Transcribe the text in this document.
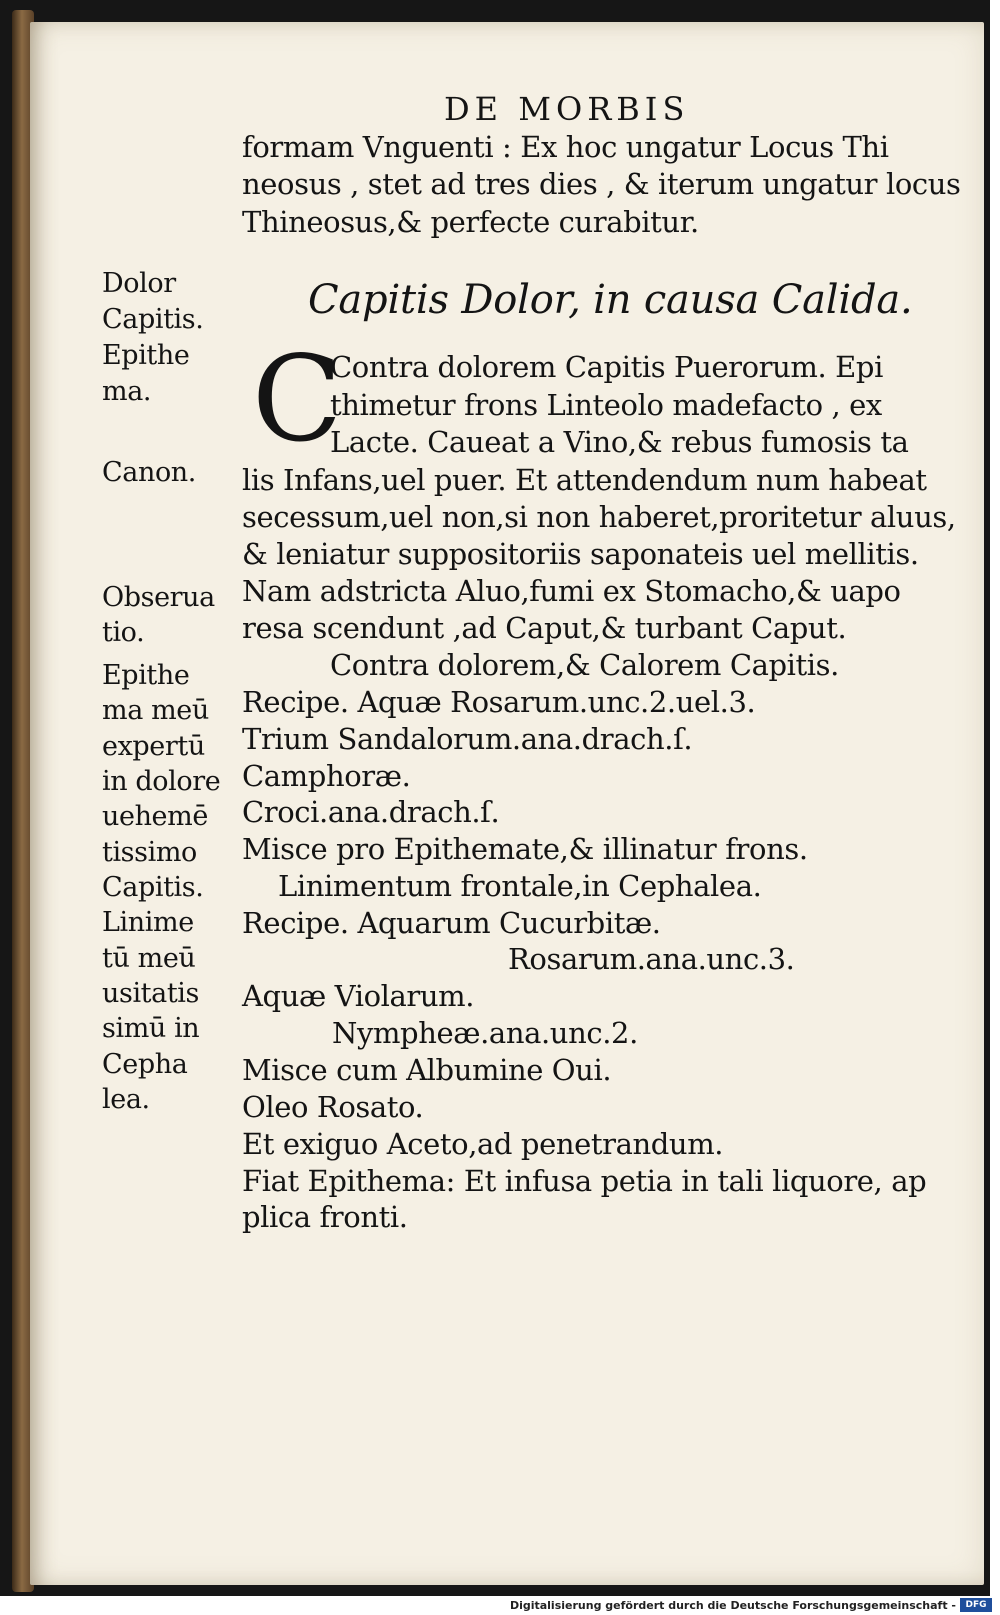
DE MORBIS
formam Vnguenti : Ex hoc ungatur Locus Thi
neosus , stet ad tres dies , & iterum ungatur locus
Thineosus,& perfecte curabitur.
Capitis Dolor, in causa Calida.
C
Contra dolorem Capitis Puerorum. Epi
thimetur frons Linteolo madefacto , ex
Lacte. Caueat a Vino,& rebus fumosis ta
lis Infans,uel puer. Et attendendum num habeat
secessum,uel non,si non haberet,proritetur aluus,
& leniatur suppositoriis saponateis uel mellitis.
Nam adstricta Aluo,fumi ex Stomacho,& uapo
resa scendunt ,ad Caput,& turbant Caput.
Contra dolorem,& Calorem Capitis.
Recipe. Aquæ Rosarum.unc.2.uel.3.
Trium Sandalorum.ana.drach.ſ.
Camphoræ.
Croci.ana.drach.ſ.
Misce pro Epithemate,& illinatur frons.
Linimentum frontale,in Cephalea.
Recipe. Aquarum Cucurbitæ.
Rosarum.ana.unc.3.
Aquæ Violarum.
Nympheæ.ana.unc.2.
Misce cum Albumine Oui.
Oleo Rosato.
Et exiguo Aceto,ad penetrandum.
Fiat Epithema: Et infusa petia in tali liquore, ap
plica fronti.
Dolor
Capitis.
Epithe
ma.
Canon.
Obserua
tio.
Epithe
ma meū
expertū
in dolore
uehemē
tissimo
Capitis.
Linime
tū meū
usitatis
simū in
Cepha
lea.
Digitalisierung gefördert durch die Deutsche Forschungsgemeinschaft -	DFG
